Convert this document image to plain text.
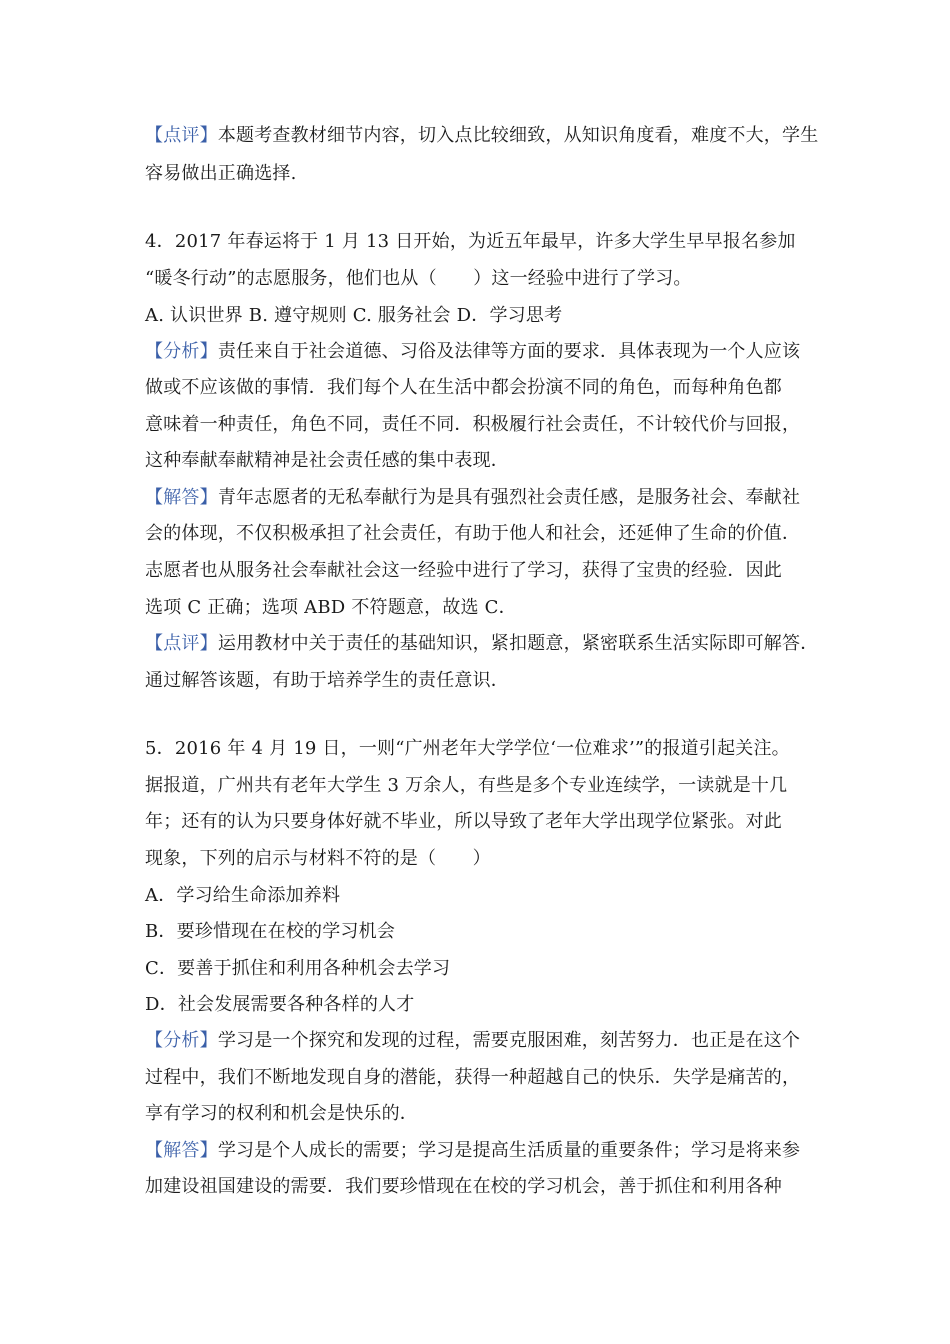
【点评】本题考查教材细节内容，切入点比较细致，从知识角度看，难度不大，学生
容易做出正确选择.
4．2017 年春运将于 1 月 13 日开始，为近五年最早，许多大学生早早报名参加
“暖冬行动”的志愿服务，他们也从（　　）这一经验中进行了学习。
A. 认识世界 B. 遵守规则 C. 服务社会 D．学习思考
【分析】责任来自于社会道德、习俗及法律等方面的要求．具体表现为一个人应该
做或不应该做的事情．我们每个人在生活中都会扮演不同的角色，而每种角色都
意味着一种责任，角色不同，责任不同．积极履行社会责任，不计较代价与回报，
这种奉献奉献精神是社会责任感的集中表现．
【解答】青年志愿者的无私奉献行为是具有强烈社会责任感，是服务社会、奉献社
会的体现，不仅积极承担了社会责任，有助于他人和社会，还延伸了生命的价值．
志愿者也从服务社会奉献社会这一经验中进行了学习，获得了宝贵的经验．因此
选项 C 正确；选项 ABD 不符题意，故选 C．
【点评】运用教材中关于责任的基础知识，紧扣题意，紧密联系生活实际即可解答．
通过解答该题，有助于培养学生的责任意识．
5．2016 年 4 月 19 日，一则“广州老年大学学位‘一位难求’”的报道引起关注。
据报道，广州共有老年大学生 3 万余人，有些是多个专业连续学，一读就是十几
年；还有的认为只要身体好就不毕业，所以导致了老年大学出现学位紧张。对此
现象，下列的启示与材料不符的是（　　）
A．学习给生命添加养料
B．要珍惜现在在校的学习机会
C．要善于抓住和利用各种机会去学习
D．社会发展需要各种各样的人才
【分析】学习是一个探究和发现的过程，需要克服困难，刻苦努力．也正是在这个
过程中，我们不断地发现自身的潜能，获得一种超越自己的快乐．失学是痛苦的，
享有学习的权利和机会是快乐的．
【解答】学习是个人成长的需要；学习是提高生活质量的重要条件；学习是将来参
加建设祖国建设的需要．我们要珍惜现在在校的学习机会，善于抓住和利用各种
